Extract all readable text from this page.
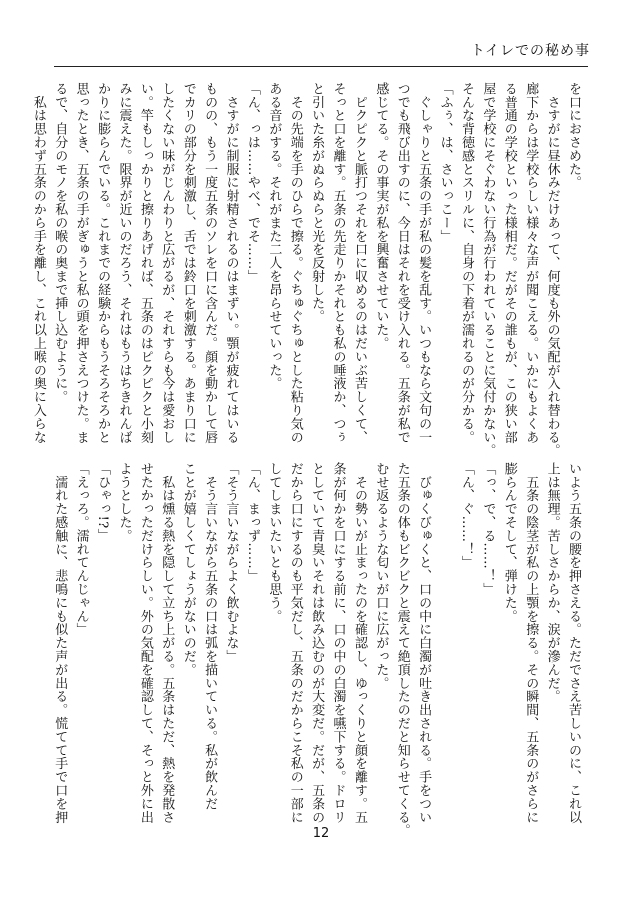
トイレでの秘め事
を口におさめた。
　さすがに昼休みだけあって、何度も外の気配が入れ替わる。
廊下からは学校らしい様々な声が聞こえる。いかにもよくあ
る普通の学校といった様相だ。だがその誰もが、この狭い部
屋で学校にそぐわない行為が行われていることに気付かない。
そんな背徳感とスリルに、自身の下着が濡れるのが分かる。
「ふぅ、は、さいっこー」
　ぐしゃりと五条の手が私の髪を乱す。いつもなら文句の一
つでも飛び出すのに、今日はそれを受け入れる。五条が私で
感じてる。その事実が私を興奮させていた。
　ピクピクと脈打つそれを口に収めるのはだいぶ苦しくて、
そっと口を離す。五条の先走りかそれとも私の唾液か、つぅ
と引いた糸がぬらぬらと光を反射した。
　その先端を手のひらで擦る。ぐちゅぐちゅとした粘り気の
ある音がする。それがまた二人を昂らせていった。
「ん、っは……やべ、でそ……」
　さすがに制服に射精されるのはまずい。顎が疲れてはいる
ものの、もう一度五条のソレを口に含んだ。顔を動かして唇
でカリの部分を刺激し、舌では鈴口を刺激する。あまり口に
したくない味がじんわりと広がるが、それすらも今は愛おし
い。竿もしっかりと擦りあげれば、五条のはピクピクと小刻
みに震えた。限界が近いのだろう、それはもうはちきれんば
かりに膨らんでいる。これまでの経験からもうそろそろかと
思ったとき、五条の手がぎゅうと私の頭を押さえつけた。ま
るで、自分のモノを私の喉の奥まで挿し込むように。
　私は思わず五条のから手を離し、これ以上喉の奥に入らな
いよう五条の腰を押さえる。ただでさえ苦しいのに、これ以
上は無理。苦しさからか、涙が滲んだ。
　五条の陰茎が私の上顎を擦る。その瞬間、五条のがさらに
膨らんでそして、弾けた。
「っ、で、る……！」
「ん、ぐ……！」

　びゅくびゅくと、口の中に白濁が吐き出される。手をつい
た五条の体もビクビクと震えて絶頂したのだと知らせてくる。
むせ返るような匂いが口に広がった。
　その勢いが止まったのを確認し、ゆっくりと顔を離す。五
条が何かを口にする前に、口の中の白濁を嚥下する。ドロリ
としていて青臭いそれは飲み込むのが大変だ。だが、五条の
だから口にするのも平気だし、五条のだからこそ私の一部に
してしまいたいとも思う。
「ん、まっず……」
「そう言いながらよく飲むよな」
　そう言いながら五条の口は弧を描いている。私が飲んだ
ことが嬉しくてしょうがないのだ。
　私は燻る熱を隠して立ち上がる。五条はただ、熱を発散さ
せたかっただけらしい。外の気配を確認して、そっと外に出
ようとした。
「ひゃっ!?」
「えっろ。濡れてんじゃん」
　濡れた感触に、悲鳴にも似た声が出る。慌てて手で口を押
12
